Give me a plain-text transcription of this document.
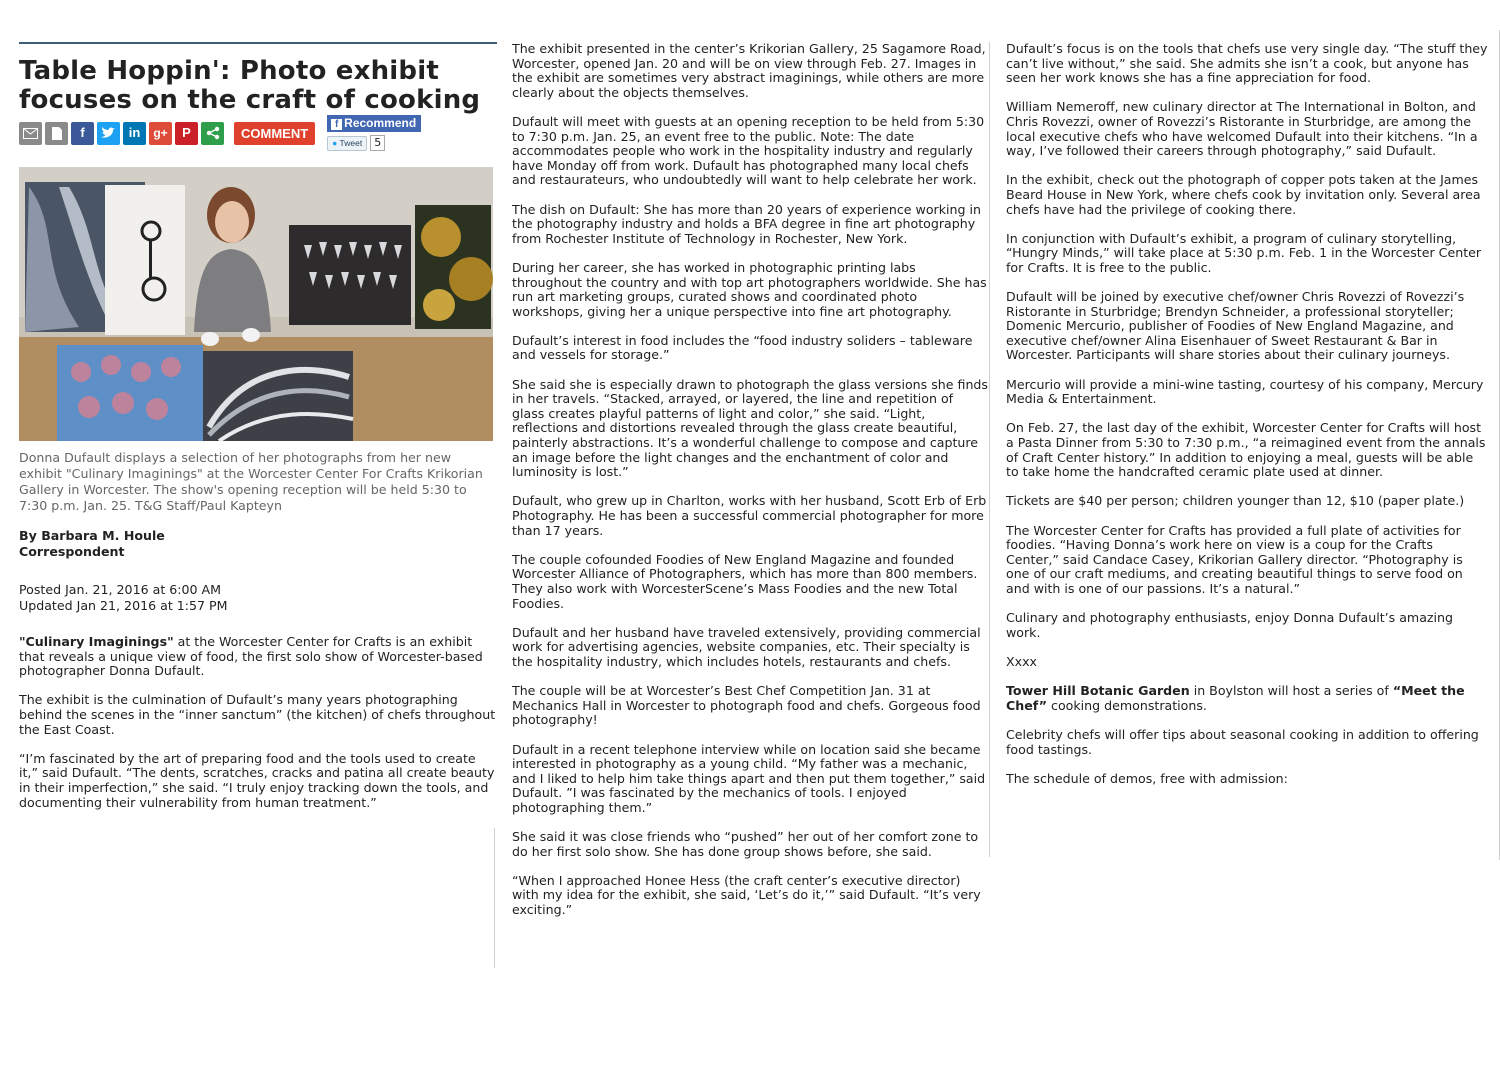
Table Hoppin': Photo exhibit focuses on the craft of cooking
f	in	g+	P	COMMENT
f Recommend
● Tweet	5
Donna Dufault displays a selection of her photographs from her new exhibit "Culinary Imaginings" at the Worcester Center For Crafts Krikorian Gallery in Worcester. The show's opening reception will be held 5:30 to 7:30 p.m. Jan. 25. T&G Staff/Paul Kapteyn
By Barbara M. Houle
Correspondent
Posted Jan. 21, 2016 at 6:00 AM
Updated Jan 21, 2016 at 1:57 PM

"Culinary Imaginings" at the Worcester Center for Crafts is an exhibit that reveals a unique view of food, the first solo show of Worcester-based photographer Donna Dufault.

The exhibit is the culmination of Dufault’s many years photographing behind the scenes in the “inner sanctum” (the kitchen) of chefs throughout the East Coast.

“I’m fascinated by the art of preparing food and the tools used to create it,” said Dufault. “The dents, scratches, cracks and patina all create beauty in their imperfection,” she said. “I truly enjoy tracking down the tools, and documenting their vulnerability from human treatment.”

The exhibit presented in the center’s Krikorian Gallery, 25 Sagamore Road, Worcester, opened Jan. 20 and will be on view through Feb. 27. Images in the exhibit are sometimes very abstract imaginings, while others are more clearly about the objects themselves.

Dufault will meet with guests at an opening reception to be held from 5:30 to 7:30 p.m. Jan. 25, an event free to the public. Note: The date accommodates people who work in the hospitality industry and regularly have Monday off from work. Dufault has photographed many local chefs and restaurateurs, who undoubtedly will want to help celebrate her work.

The dish on Dufault: She has more than 20 years of experience working in the photography industry and holds a BFA degree in fine art photography from Rochester Institute of Technology in Rochester, New York.

During her career, she has worked in photographic printing labs throughout the country and with top art photographers worldwide. She has run art marketing groups, curated shows and coordinated photo workshops, giving her a unique perspective into fine art photography.

Dufault’s interest in food includes the “food industry soliders – tableware and vessels for storage.”

She said she is especially drawn to photograph the glass versions she finds in her travels. “Stacked, arrayed, or layered, the line and repetition of glass creates playful patterns of light and color,” she said. “Light, reflections and distortions revealed through the glass create beautiful, painterly abstractions. It’s a wonderful challenge to compose and capture an image before the light changes and the enchantment of color and luminosity is lost.”

Dufault, who grew up in Charlton, works with her husband, Scott Erb of Erb Photography. He has been a successful commercial photographer for more than 17 years.

The couple cofounded Foodies of New England Magazine and founded Worcester Alliance of Photographers, which has more than 800 members. They also work with WorcesterScene’s Mass Foodies and the new Total Foodies.

Dufault and her husband have traveled extensively, providing commercial work for advertising agencies, website companies, etc. Their specialty is the hospitality industry, which includes hotels, restaurants and chefs.

The couple will be at Worcester’s Best Chef Competition Jan. 31 at Mechanics Hall in Worcester to photograph food and chefs. Gorgeous food photography!

Dufault in a recent telephone interview while on location said she became interested in photography as a young child. “My father was a mechanic, and I liked to help him take things apart and then put them together,” said Dufault. ”I was fascinated by the mechanics of tools. I enjoyed photographing them.”

She said it was close friends who “pushed” her out of her comfort zone to do her first solo show. She has done group shows before, she said.

“When I approached Honee Hess (the craft center’s executive director) with my idea for the exhibit, she said, ‘Let’s do it,’” said Dufault. “It’s very exciting.”

Dufault’s focus is on the tools that chefs use very single day. “The stuff they can’t live without,” she said. She admits she isn’t a cook, but anyone has seen her work knows she has a fine appreciation for food.

William Nemeroff, new culinary director at The International in Bolton, and Chris Rovezzi, owner of Rovezzi’s Ristorante in Sturbridge, are among the local executive chefs who have welcomed Dufault into their kitchens. “In a way, I’ve followed their careers through photography,” said Dufault.

In the exhibit, check out the photograph of copper pots taken at the James Beard House in New York, where chefs cook by invitation only. Several area chefs have had the privilege of cooking there.

In conjunction with Dufault’s exhibit, a program of culinary storytelling, “Hungry Minds,” will take place at 5:30 p.m. Feb. 1 in the Worcester Center for Crafts. It is free to the public.

Dufault will be joined by executive chef/owner Chris Rovezzi of Rovezzi’s Ristorante in Sturbridge; Brendyn Schneider, a professional storyteller; Domenic Mercurio, publisher of Foodies of New England Magazine, and executive chef/owner Alina Eisenhauer of Sweet Restaurant & Bar in Worcester. Participants will share stories about their culinary journeys.

Mercurio will provide a mini-wine tasting, courtesy of his company, Mercury Media & Entertainment.

On Feb. 27, the last day of the exhibit, Worcester Center for Crafts will host a Pasta Dinner from 5:30 to 7:30 p.m., “a reimagined event from the annals of Craft Center history.” In addition to enjoying a meal, guests will be able to take home the handcrafted ceramic plate used at dinner.

Tickets are $40 per person; children younger than 12, $10 (paper plate.)

The Worcester Center for Crafts has provided a full plate of activities for foodies. “Having Donna’s work here on view is a coup for the Crafts Center,” said Candace Casey, Krikorian Gallery director. “Photography is one of our craft mediums, and creating beautiful things to serve food on and with is one of our passions. It’s a natural.”

Culinary and photography enthusiasts, enjoy Donna Dufault’s amazing work.

Xxxx

Tower Hill Botanic Garden in Boylston will host a series of “Meet the Chef” cooking demonstrations.

Celebrity chefs will offer tips about seasonal cooking in addition to offering food tastings.

The schedule of demos, free with admission:
